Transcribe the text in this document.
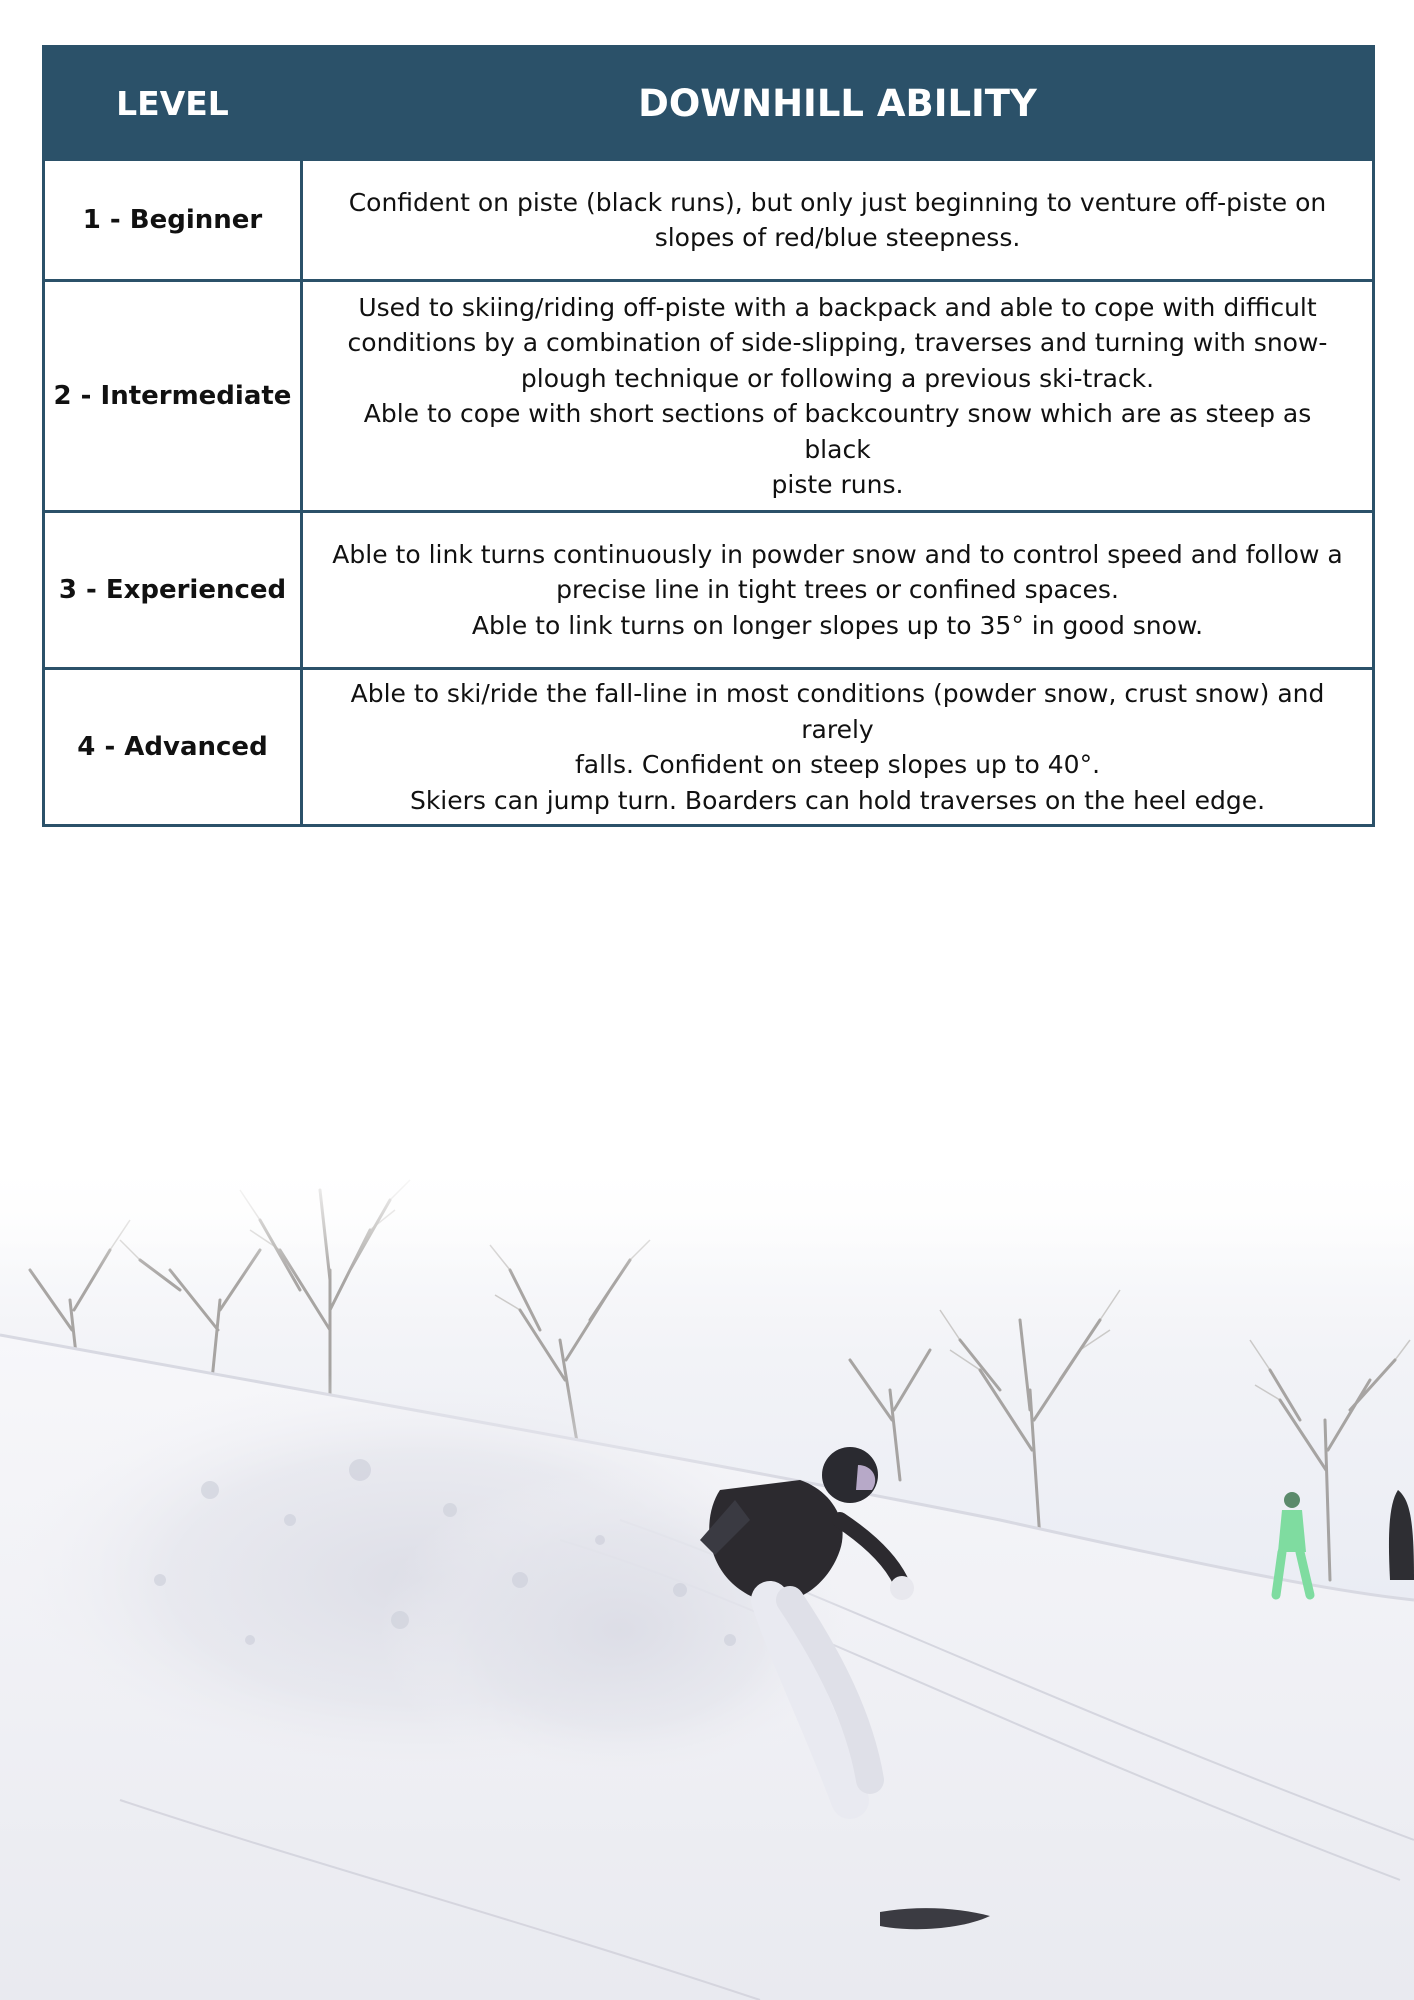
LEVEL	DOWNHILL ABILITY
1 - Beginner	Confident on piste (black runs), but only just beginning to venture off-piste on
slopes of red/blue steepness.

2 - Intermediate	Used to skiing/riding off-piste with a backpack and able to cope with difficult
conditions by a combination of side-slipping, traverses and turning with snow-
plough technique or following a previous ski-track.
Able to cope with short sections of backcountry snow which are as steep as black
piste runs.

3 - Experienced	Able to link turns continuously in powder snow and to control speed and follow a
precise line in tight trees or confined spaces.
Able to link turns on longer slopes up to 35° in good snow.

4 - Advanced	Able to ski/ride the fall-line in most conditions (powder snow, crust snow) and rarely
falls. Confident on steep slopes up to 40°.
Skiers can jump turn. Boarders can hold traverses on the heel edge.
